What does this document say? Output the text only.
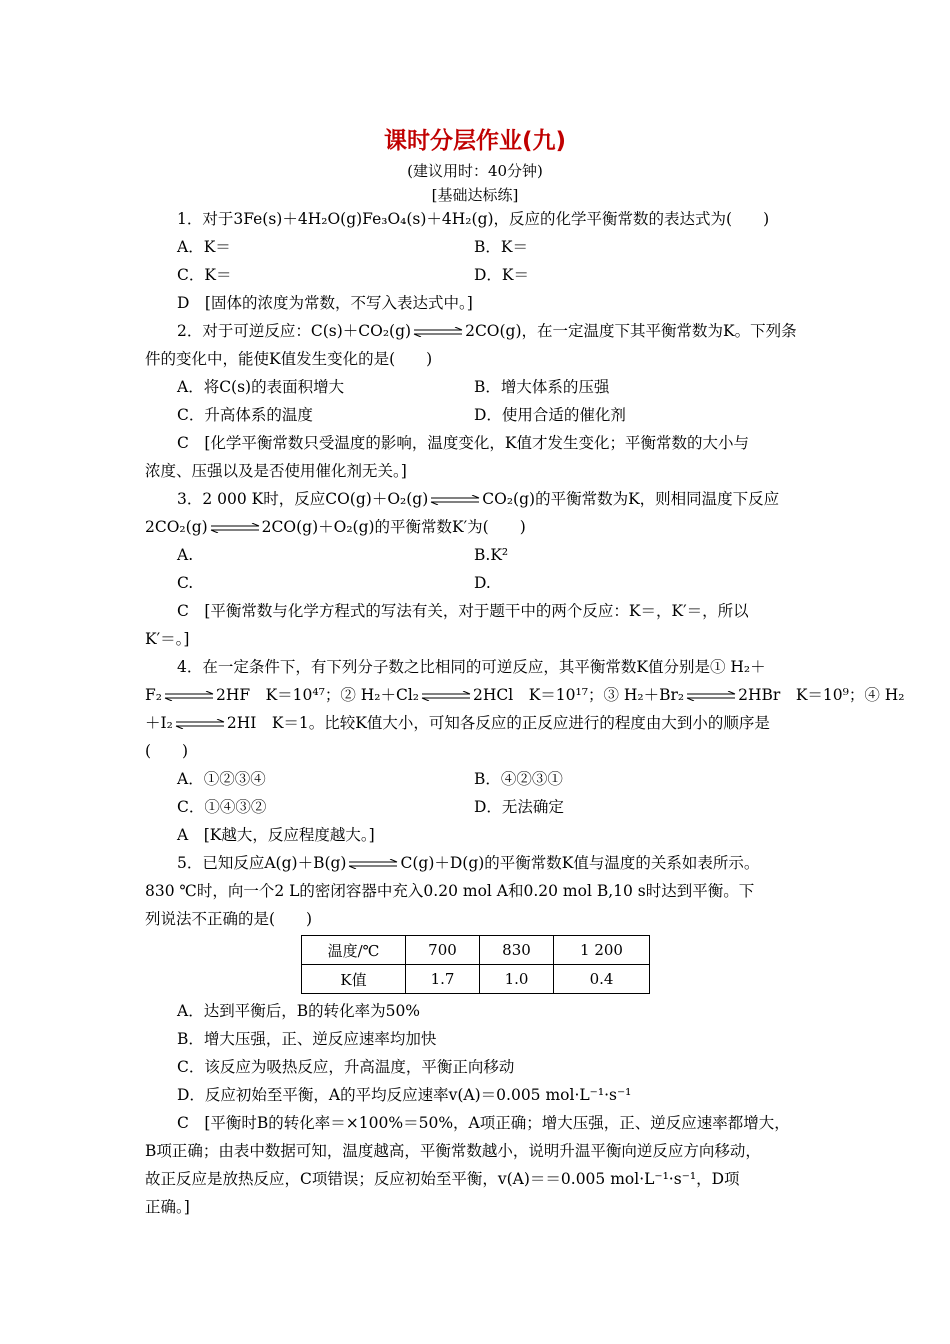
课时分层作业(九)
(建议用时：40分钟)
[基础达标练]
1．对于3Fe(s)＋4H₂O(g)Fe₃O₄(s)＋4H₂(g)，反应的化学平衡常数的表达式为(　　)
A．K＝	B．K＝
C．K＝	D．K＝
D　[固体的浓度为常数，不写入表达式中。]
2．对于可逆反应：C(s)＋CO₂(g)	2CO(g)，在一定温度下其平衡常数为K。下列条
件的变化中，能使K值发生变化的是(　　)
A．将C(s)的表面积增大	B．增大体系的压强
C．升高体系的温度	D．使用合适的催化剂
C　[化学平衡常数只受温度的影响，温度变化，K值才发生变化；平衡常数的大小与
浓度、压强以及是否使用催化剂无关。]
3．2 000 K时，反应CO(g)＋O₂(g)	CO₂(g)的平衡常数为K，则相同温度下反应
2CO₂(g)	2CO(g)＋O₂(g)的平衡常数K′为(　　)
A.	B.K²
C.	D.
C　[平衡常数与化学方程式的写法有关，对于题干中的两个反应：K＝，K′＝，所以
K′＝。]
4．在一定条件下，有下列分子数之比相同的可逆反应，其平衡常数K值分别是① H₂＋
F₂	2HF　K＝10⁴⁷；② H₂＋Cl₂	2HCl　K＝10¹⁷；③ H₂＋Br₂	2HBr　K＝10⁹；④ H₂
＋I₂	2HI　K＝1。比较K值大小，可知各反应的正反应进行的程度由大到小的顺序是
(　　)
A．①②③④	B．④②③①
C．①④③②	D．无法确定
A　[K越大，反应程度越大。]
5．已知反应A(g)＋B(g)	C(g)＋D(g)的平衡常数K值与温度的关系如表所示。
830 ℃时，向一个2 L的密闭容器中充入0.20 mol A和0.20 mol B,10 s时达到平衡。下
列说法不正确的是(　　)
温度/℃	700	830	1 200
K值	1.7	1.0	0.4
A．达到平衡后，B的转化率为50%
B．增大压强，正、逆反应速率均加快
C．该反应为吸热反应，升高温度，平衡正向移动
D．反应初始至平衡，A的平均反应速率v(A)＝0.005 mol·L⁻¹·s⁻¹
C　[平衡时B的转化率＝×100%＝50%，A项正确；增大压强，正、逆反应速率都增大，
B项正确；由表中数据可知，温度越高，平衡常数越小，说明升温平衡向逆反应方向移动，
故正反应是放热反应，C项错误；反应初始至平衡，v(A)＝＝0.005 mol·L⁻¹·s⁻¹，D项
正确。]
